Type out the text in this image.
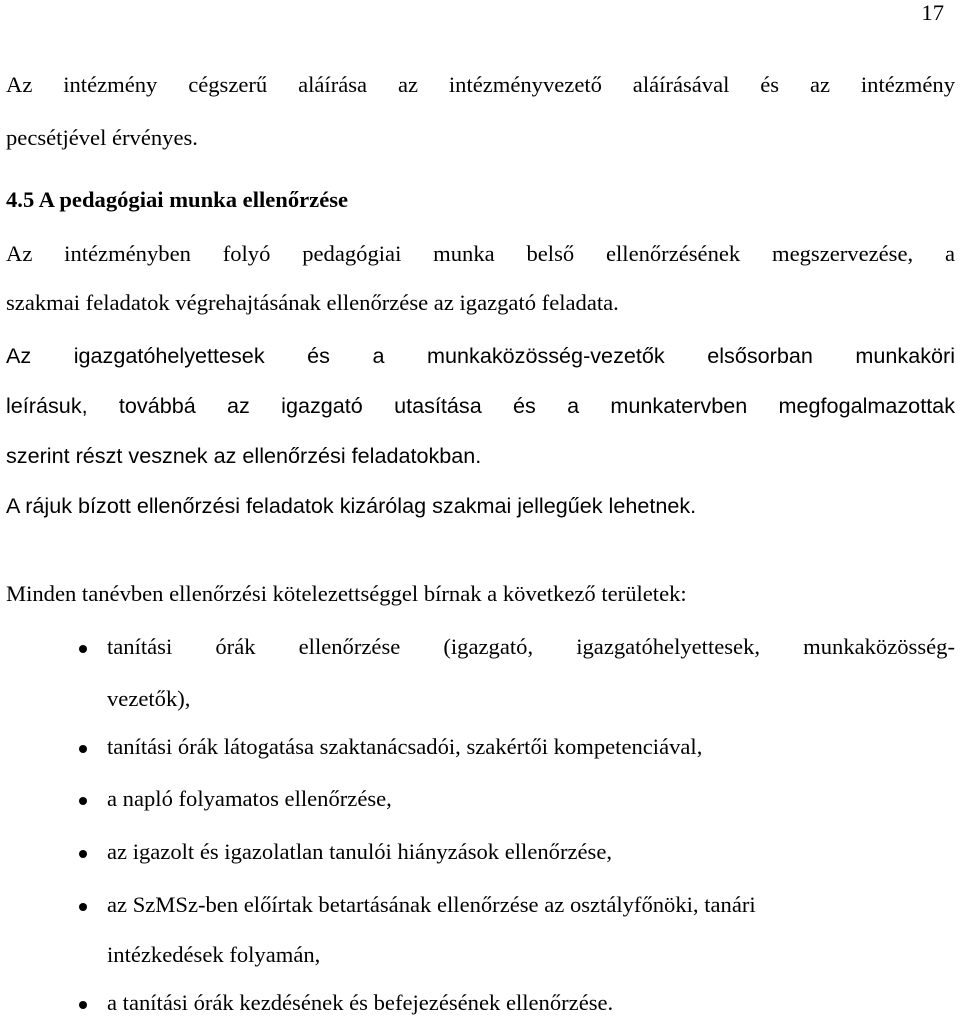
17
Az intézmény cégszerű aláírása az intézményvezető aláírásával és az intézmény
pecsétjével érvényes.
4.5 A pedagógiai munka ellenőrzése
Az intézményben folyó pedagógiai munka belső ellenőrzésének megszervezése, a
szakmai feladatok végrehajtásának ellenőrzése az igazgató feladata.
Az igazgatóhelyettesek és a munkaközösség-vezetők elsősorban munkaköri
leírásuk, továbbá az igazgató utasítása és a munkatervben megfogalmazottak
szerint részt vesznek az ellenőrzési feladatokban.
A rájuk bízott ellenőrzési feladatok kizárólag szakmai jellegűek lehetnek.
Minden tanévben ellenőrzési kötelezettséggel bírnak a következő területek:
tanítási órák ellenőrzése (igazgató, igazgatóhelyettesek, munkaközösség-
vezetők),
tanítási órák látogatása szaktanácsadói, szakértői kompetenciával,
a napló folyamatos ellenőrzése,
az igazolt és igazolatlan tanulói hiányzások ellenőrzése,
az SzMSz-ben előírtak betartásának ellenőrzése az osztályfőnöki, tanári
intézkedések folyamán,
a tanítási órák kezdésének és befejezésének ellenőrzése.
